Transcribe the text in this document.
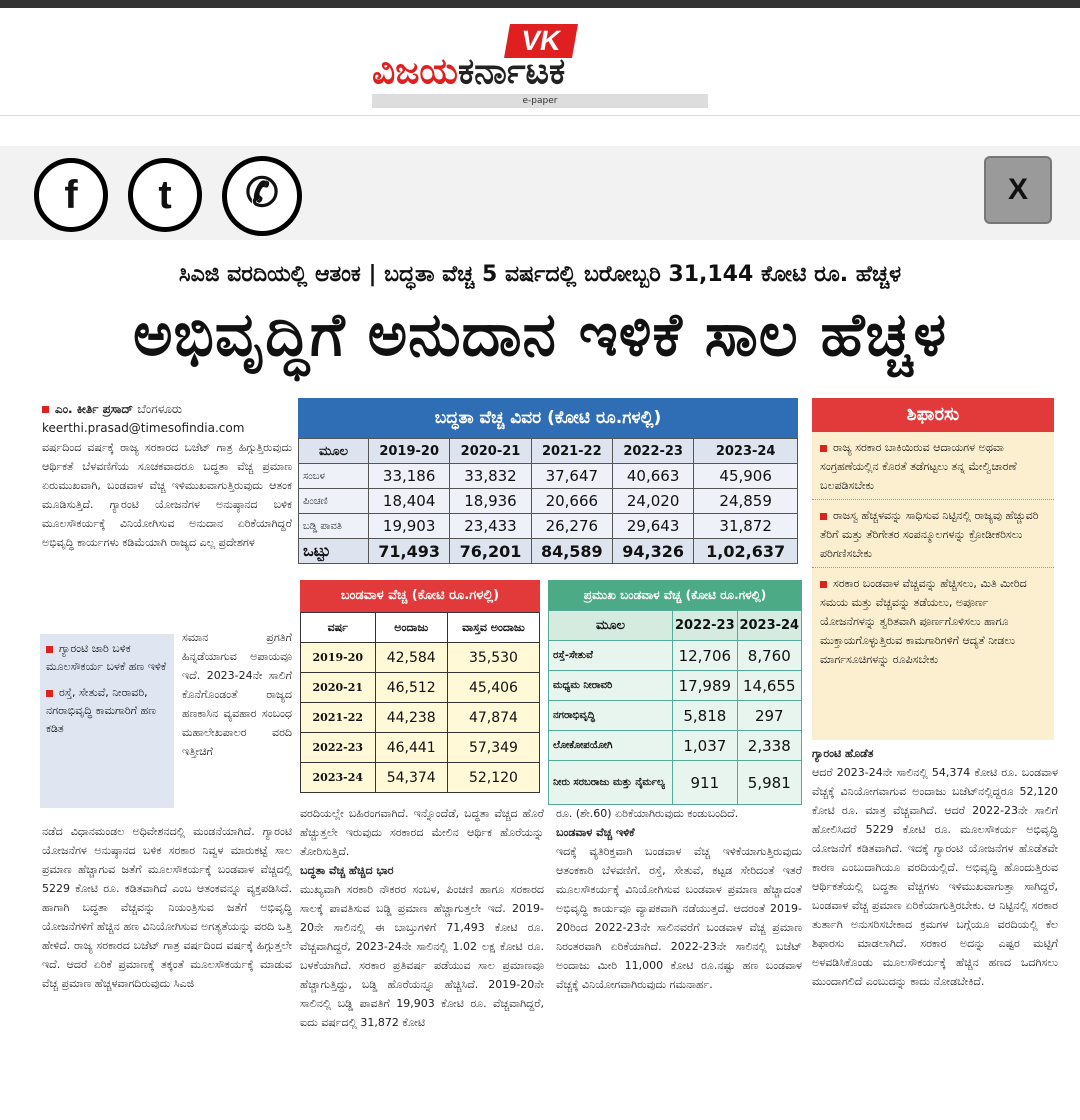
VK
ವಿಜಯಕರ್ನಾಟಕ
e-paper
f	t	✆	X
ಸಿಎಜಿ ವರದಿಯಲ್ಲಿ ಆತಂಕ | ಬದ್ಧತಾ ವೆಚ್ಚ 5 ವರ್ಷದಲ್ಲಿ ಬರೋಬ್ಬರಿ 31,144 ಕೋಟಿ ರೂ. ಹೆಚ್ಚಳ
ಅಭಿವೃದ್ಧಿಗೆ ಅನುದಾನ ಇಳಿಕೆ ಸಾಲ ಹೆಚ್ಚಳ
ಎಂ. ಕೀರ್ತಿ ಪ್ರಸಾದ್ ಬೆಂಗಳೂರು
keerthi.prasad@timesofindia.com
ವರ್ಷದಿಂದ ವರ್ಷಕ್ಕೆ ರಾಜ್ಯ ಸರಕಾರದ ಬಜೆಟ್ ಗಾತ್ರ ಹಿಗ್ಗುತ್ತಿರುವುದು ಆರ್ಥಿಕತೆ ಬೆಳವಣಿಗೆಯ ಸೂಚಕವಾದರೂ ಬದ್ಧತಾ ವೆಚ್ಚ ಪ್ರಮಾಣ ಏರುಮುಖವಾಗಿ, ಬಂಡವಾಳ ವೆಚ್ಚ ಇಳಿಮುಖವಾಗುತ್ತಿರುವುದು ಆತಂಕ ಮೂಡಿಸುತ್ತಿದೆ. ಗ್ಯಾರಂಟಿ ಯೋಜನೆಗಳ ಅನುಷ್ಠಾನದ ಬಳಿಕ ಮೂಲಸೌಕರ್ಯಕ್ಕೆ ವಿನಿಯೋಗಿಸುವ ಅನುದಾನ ಏರಿಕೆಯಾಗಿದ್ದರೆ ಅಭಿವೃದ್ಧಿ ಕಾರ್ಯಗಳು ಕಡಿಮೆಯಾಗಿ ರಾಜ್ಯದ ಎಲ್ಲ ಪ್ರದೇಶಗಳ
ಸಮಾನ ಪ್ರಗತಿಗೆ ಹಿನ್ನಡೆಯಾಗುವ ಅಪಾಯವೂ ಇದೆ. 2023-24ನೇ ಸಾಲಿಗೆ ಕೊನೆಗೊಂಡಂತೆ ರಾಜ್ಯದ ಹಣಕಾಸಿನ ವ್ಯವಹಾರ ಸಂಬಂಧ ಮಹಾಲೇಖಪಾಲರ ವರದಿ ಇತ್ತೀಚಿಗೆ
ನಡೆದ ವಿಧಾನಮಂಡಲ ಅಧಿವೇಶನದಲ್ಲಿ ಮಂಡನೆಯಾಗಿದೆ. ಗ್ಯಾರಂಟಿ ಯೋಜನೆಗಳ ಅನುಷ್ಠಾನದ ಬಳಿಕ ಸರಕಾರ ನಿವ್ವಳ ಮಾರುಕಟ್ಟೆ ಸಾಲ ಪ್ರಮಾಣ ಹೆಚ್ಚಾಗುವ ಜತೆಗೆ ಮೂಲಸೌಕರ್ಯಕ್ಕೆ ಬಂಡವಾಳ ವೆಚ್ಚದಲ್ಲಿ 5229 ಕೋಟಿ ರೂ. ಕಡಿತವಾಗಿದೆ ಎಂಬ ಆತಂಕವನ್ನೂ ವ್ಯಕ್ತಪಡಿಸಿದೆ. ಹಾಗಾಗಿ ಬದ್ಧತಾ ವೆಚ್ಚವನ್ನು ನಿಯಂತ್ರಿಸುವ ಜತೆಗೆ ಅಭಿವೃದ್ಧಿ ಯೋಜನೆಗಳಿಗೆ ಹೆಚ್ಚಿನ ಹಣ ವಿನಿಯೋಗಿಸುವ ಅಗತ್ಯತೆಯನ್ನು ವರದಿ ಒತ್ತಿ ಹೇಳಿದೆ. ರಾಜ್ಯ ಸರಕಾರದ ಬಜೆಟ್ ಗಾತ್ರ ವರ್ಷದಿಂದ ವರ್ಷಕ್ಕೆ ಹಿಗ್ಗುತ್ತಲೇ ಇದೆ. ಆದರೆ ಏರಿಕೆ ಪ್ರಮಾಣಕ್ಕೆ ತಕ್ಕಂತೆ ಮೂಲಸೌಕರ್ಯಕ್ಕೆ ಮಾಡುವ ವೆಚ್ಚ ಪ್ರಮಾಣ ಹೆಚ್ಚಳವಾಗದಿರುವುದು ಸಿಎಜಿ
ಗ್ಯಾರಂಟಿ ಜಾರಿ ಬಳಿಕ ಮೂಲಸೌಕರ್ಯ ಬಳಕೆ ಹಣ ಇಳಿಕೆ
ರಸ್ತೆ, ಸೇತುವೆ, ನೀರಾವರಿ, ನಗರಾಭಿವೃದ್ಧಿ ಕಾಮಗಾರಿಗೆ ಹಣ ಕಡಿತ
ಬದ್ಧತಾ ವೆಚ್ಚ ವಿವರ (ಕೋಟಿ ರೂ.ಗಳಲ್ಲಿ)
ಮೂಲ	2019-20	2020-21	2021-22	2022-23	2023-24
ಸಂಬಳ	33,186	33,832	37,647	40,663	45,906
ಪಿಂಚಣಿ	18,404	18,936	20,666	24,020	24,859
ಬಡ್ಡಿ ಪಾವತಿ	19,903	23,433	26,276	29,643	31,872
ಒಟ್ಟು	71,493	76,201	84,589	94,326	1,02,637
ಬಂಡವಾಳ ವೆಚ್ಚ (ಕೋಟಿ ರೂ.ಗಳಲ್ಲಿ)
ವರ್ಷ	ಅಂದಾಜು	ವಾಸ್ತವ ಅಂದಾಜು
2019-20	42,584	35,530
2020-21	46,512	45,406
2021-22	44,238	47,874
2022-23	46,441	57,349
2023-24	54,374	52,120
ಪ್ರಮುಖ ಬಂಡವಾಳ ವೆಚ್ಚ (ಕೋಟಿ ರೂ.ಗಳಲ್ಲಿ)
ಮೂಲ	2022-23	2023-24
ರಸ್ತೆ-ಸೇತುವೆ	12,706	8,760
ಮಧ್ಯಮ ನೀರಾವರಿ	17,989	14,655
ನಗರಾಭಿವೃದ್ಧಿ	5,818	297
ಲೋಕೋಪಯೋಗಿ	1,037	2,338
ನೀರು ಸರಬರಾಜು ಮತ್ತು ನೈರ್ಮಲ್ಯ	911	5,981
ಶಿಫಾರಸು
ರಾಜ್ಯ ಸರಕಾರ ಬಾಕಿಯಿರುವ ಆದಾಯಗಳ ಅಥವಾ ಸಂಗ್ರಹಣೆಯಲ್ಲಿನ ಕೊರತೆ ತಡೆಗಟ್ಟಲು ತನ್ನ ಮೇಲ್ವಿಚಾರಣೆ ಬಲಪಡಿಸಬೇಕು
ರಾಜಸ್ವ ಹೆಚ್ಚಳವನ್ನು ಸಾಧಿಸುವ ನಿಟ್ಟಿನಲ್ಲಿ ರಾಜ್ಯವು ಹೆಚ್ಚುವರಿ ತೆರಿಗೆ ಮತ್ತು ತೆರಿಗೇತರ ಸಂಪನ್ಮೂಲಗಳನ್ನು ಕ್ರೋಡೀಕರಿಸಲು ಪರಿಗಣಿಸಬೇಕು
ಸರಕಾರ ಬಂಡವಾಳ ವೆಚ್ಚವನ್ನು ಹೆಚ್ಚಿಸಲು, ಮಿತಿ ಮೀರಿದ ಸಮಯ ಮತ್ತು ವೆಚ್ಚವನ್ನು ತಡೆಯಲು, ಅಪೂರ್ಣ ಯೋಜನೆಗಳನ್ನು ತ್ವರಿತವಾಗಿ ಪೂರ್ಣಗೊಳಿಸಲು ಹಾಗೂ ಮುಕ್ತಾಯಗೊಳ್ಳುತ್ತಿರುವ ಕಾಮಗಾರಿಗಳಿಗೆ ಆದ್ಯತೆ ನೀಡಲು ಮಾರ್ಗಸೂಚಿಗಳನ್ನು ರೂಪಿಸಬೇಕು
ವರದಿಯಲ್ಲೇ ಬಹಿರಂಗವಾಗಿದೆ. ಇನ್ನೊಂದೆಡೆ, ಬದ್ಧತಾ ವೆಚ್ಚದ ಹೊರೆ ಹೆಚ್ಚುತ್ತಲೇ ಇರುವುದು ಸರಕಾರದ ಮೇಲಿನ ಆರ್ಥಿಕ ಹೊರೆಯನ್ನು ತೋರಿಸುತ್ತಿದೆ.
ಬದ್ಧತಾ ವೆಚ್ಚ ಹೆಚ್ಚಿದ ಭಾರ
ಮುಖ್ಯವಾಗಿ ಸರಕಾರಿ ನೌಕರರ ಸಂಬಳ, ಪಿಂಚಣಿ ಹಾಗೂ ಸರಕಾರದ ಸಾಲಕ್ಕೆ ಪಾವತಿಸುವ ಬಡ್ಡಿ ಪ್ರಮಾಣ ಹೆಚ್ಚಾಗುತ್ತಲೇ ಇದೆ. 2019-20ನೇ ಸಾಲಿನಲ್ಲಿ ಈ ಬಾಬ್ತುಗಳಿಗೆ 71,493 ಕೋಟಿ ರೂ. ವೆಚ್ಚವಾಗಿದ್ದರೆ, 2023-24ನೇ ಸಾಲಿನಲ್ಲಿ 1.02 ಲಕ್ಷ ಕೋಟಿ ರೂ. ಬಳಕೆಯಾಗಿದೆ. ಸರಕಾರ ಪ್ರತಿವರ್ಷ ಪಡೆಯುವ ಸಾಲ ಪ್ರಮಾಣವೂ ಹೆಚ್ಚಾಗುತ್ತಿದ್ದು, ಬಡ್ಡಿ ಹೊರೆಯನ್ನೂ ಹೆಚ್ಚಿಸಿದೆ. 2019-20ನೇ ಸಾಲಿನಲ್ಲಿ ಬಡ್ಡಿ ಪಾವತಿಗೆ 19,903 ಕೋಟಿ ರೂ. ವೆಚ್ಚವಾಗಿದ್ದರೆ, ಐದು ವರ್ಷದಲ್ಲಿ 31,872 ಕೋಟಿ
ರೂ. (ಶೇ.60) ಏರಿಕೆಯಾಗಿರುವುದು ಕಂಡುಬಂದಿದೆ.
ಬಂಡವಾಳ ವೆಚ್ಚ ಇಳಿಕೆ
ಇದಕ್ಕೆ ವ್ಯತಿರಿಕ್ತವಾಗಿ ಬಂಡವಾಳ ವೆಚ್ಚ ಇಳಿಕೆಯಾಗುತ್ತಿರುವುದು ಆತಂಕಕಾರಿ ಬೆಳವಣಿಗೆ. ರಸ್ತೆ, ಸೇತುವೆ, ಕಟ್ಟಡ ಸೇರಿದಂತೆ ಇತರೆ ಮೂಲಸೌಕರ್ಯಕ್ಕೆ ವಿನಿಯೋಗಿಸುವ ಬಂಡವಾಳ ಪ್ರಮಾಣ ಹೆಚ್ಚಾದಂತೆ ಅಭಿವೃದ್ಧಿ ಕಾರ್ಯವೂ ವ್ಯಾಪಕವಾಗಿ ನಡೆಯುತ್ತದೆ. ಆದರಂತೆ 2019-20ರಿಂದ 2022-23ನೇ ಸಾಲಿನವರೆಗೆ ಬಂಡವಾಳ ವೆಚ್ಚ ಪ್ರಮಾಣ ನಿರಂತರವಾಗಿ ಏರಿಕೆಯಾಗಿದೆ. 2022-23ನೇ ಸಾಲಿನಲ್ಲಿ ಬಜೆಟ್ ಅಂದಾಜು ಮೀರಿ 11,000 ಕೋಟಿ ರೂ.ನಷ್ಟು ಹಣ ಬಂಡವಾಳ ವೆಚ್ಚಕ್ಕೆ ವಿನಿಯೋಗವಾಗಿರುವುದು ಗಮನಾರ್ಹ.
ಗ್ಯಾರಂಟಿ ಹೊಡೆತ
ಆದರೆ 2023-24ನೇ ಸಾಲಿನಲ್ಲಿ 54,374 ಕೋಟಿ ರೂ. ಬಂಡವಾಳ ವೆಚ್ಚಕ್ಕೆ ವಿನಿಯೋಗವಾಗುವ ಅಂದಾಜು ಬಜೆಟ್‌ನಲ್ಲಿದ್ದರೂ 52,120 ಕೋಟಿ ರೂ. ಮಾತ್ರ ವೆಚ್ಚವಾಗಿದೆ. ಆದರೆ 2022-23ನೇ ಸಾಲಿಗೆ ಹೋಲಿಸಿದರೆ 5229 ಕೋಟಿ ರೂ. ಮೂಲಸೌಕರ್ಯ ಅಭಿವೃದ್ಧಿ ಯೋಜನೆಗೆ ಕಡಿತವಾಗಿದೆ. ಇದಕ್ಕೆ ಗ್ಯಾರಂಟಿ ಯೋಜನೆಗಳ ಹೊಡೆತವೇ ಕಾರಣ ಎಂಬುದಾಗಿಯೂ ವರದಿಯಲ್ಲಿದೆ. ಅಭಿವೃದ್ಧಿ ಹೊಂದುತ್ತಿರುವ ಆರ್ಥಿಕತೆಯಲ್ಲಿ ಬದ್ಧತಾ ವೆಚ್ಚಗಳು ಇಳಿಮುಖವಾಗುತ್ತಾ ಸಾಗಿದ್ದರೆ, ಬಂಡವಾಳ ವೆಚ್ಚ ಪ್ರಮಾಣ ಏರಿಕೆಯಾಗುತ್ತಿರಬೇಕು. ಆ ನಿಟ್ಟಿನಲ್ಲಿ ಸರಕಾರ ತುರ್ತಾಗಿ ಅನುಸರಿಸಬೇಕಾದ ಕ್ರಮಗಳ ಬಗ್ಗೆಯೂ ವರದಿಯಲ್ಲಿ ಕೆಲ ಶಿಫಾರಸು ಮಾಡಲಾಗಿದೆ. ಸರಕಾರ ಅದನ್ನು ಎಷ್ಟರ ಮಟ್ಟಿಗೆ ಅಳವಡಿಸಿಕೊಂಡು ಮೂಲಸೌಕರ್ಯಕ್ಕೆ ಹೆಚ್ಚಿನ ಹಣದ ಒದಗಿಸಲು ಮುಂದಾಗಲಿದೆ ಎಂಬುದನ್ನು ಕಾದು ನೋಡಬೇಕಿದೆ.
